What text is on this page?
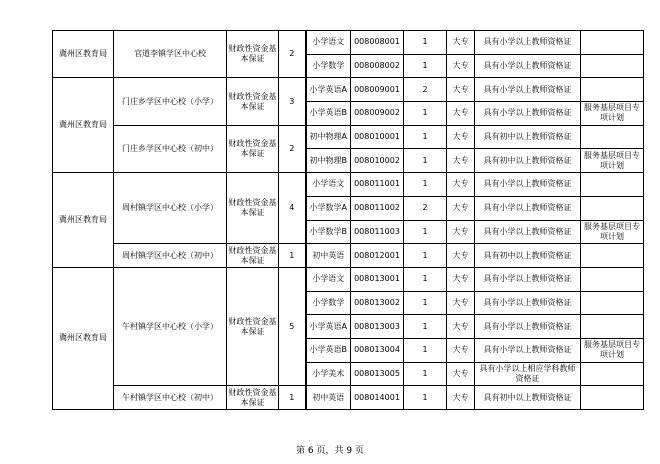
冀州区教育局	官道李镇学区中心校	财政性资金基本保证	2	小学语文	008008001	1	大专	具有小学以上教师资格证	
				小学数学	008008002	1	大专	具有小学以上教师资格证	
冀州区教育局	门庄乡学区中心校（小学）	财政性资金基本保证	3	小学英语A	008009001	2	大专	具有小学以上教师资格证	
				小学英语B	008009002	1	大专	具有小学以上教师资格证	服务基层项目专项计划
	门庄乡学区中心校（初中）	财政性资金基本保证	2	初中物理A	008010001	1	大专	具有初中以上教师资格证	
				初中物理B	008010002	1	大专	具有初中以上教师资格证	服务基层项目专项计划
冀州区教育局	周村镇学区中心校（小学）	财政性资金基本保证	4	小学语文	008011001	1	大专	具有小学以上教师资格证	
				小学数学A	008011002	2	大专	具有小学以上教师资格证	
				小学数学B	008011003	1	大专	具有小学以上教师资格证	服务基层项目专项计划
	周村镇学区中心校（初中）	财政性资金基本保证	1	初中英语	008012001	1	大专	具有初中以上教师资格证	
冀州区教育局	午村镇学区中心校（小学）	财政性资金基本保证	5	小学语文	008013001	1	大专	具有小学以上教师资格证	
				小学数学	008013002	1	大专	具有小学以上教师资格证	
				小学英语A	008013003	1	大专	具有小学以上教师资格证	
				小学英语B	008013004	1	大专	具有小学以上教师资格证	服务基层项目专项计划
				小学美术	008013005	1	大专	具有小学以上相应学科教师资格证	
	午村镇学区中心校（初中）	财政性资金基本保证	1	初中英语	008014001	1	大专	具有初中以上教师资格证	
第 6 页，共 9 页
